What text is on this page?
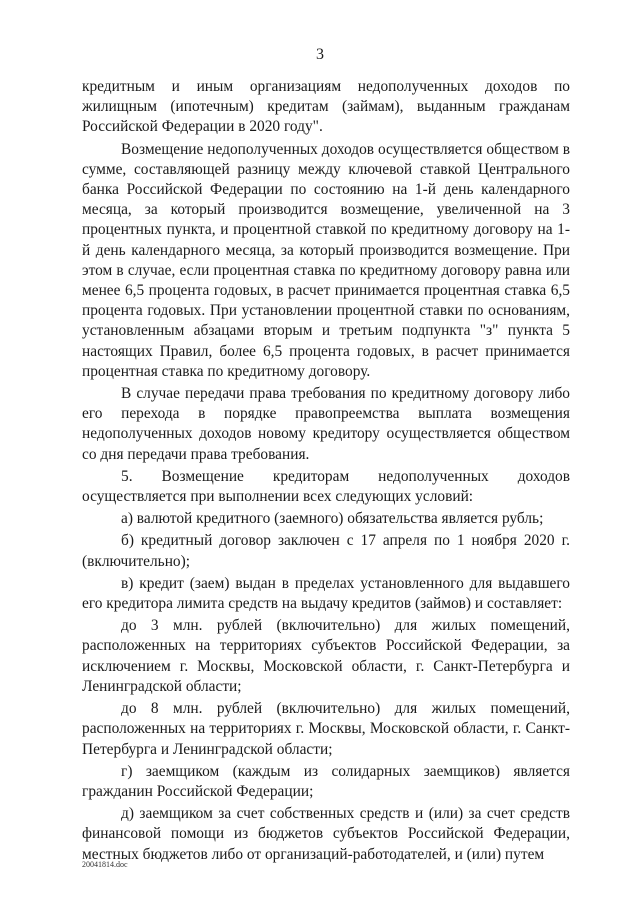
3

кредитным и иным организациям недополученных доходов по жилищным (ипотечным) кредитам (займам), выданным гражданам Российской Федерации в 2020 году".

Возмещение недополученных доходов осуществляется обществом в сумме, составляющей разницу между ключевой ставкой Центрального банка Российской Федерации по состоянию на 1-й день календарного месяца, за который производится возмещение, увеличенной на 3 процентных пункта, и процентной ставкой по кредитному договору на 1-й день календарного месяца, за который производится возмещение. При этом в случае, если процентная ставка по кредитному договору равна или менее 6,5 процента годовых, в расчет принимается процентная ставка 6,5 процента годовых. При установлении процентной ставки по основаниям, установленным абзацами вторым и третьим подпункта "з" пункта 5 настоящих Правил, более 6,5 процента годовых, в расчет принимается процентная ставка по кредитному договору.

В случае передачи права требования по кредитному договору либо его перехода в порядке правопреемства выплата возмещения недополученных доходов новому кредитору осуществляется обществом со дня передачи права требования.

5. Возмещение кредиторам недополученных доходов осуществляется при выполнении всех следующих условий:

а) валютой кредитного (заемного) обязательства является рубль;

б) кредитный договор заключен с 17 апреля по 1 ноября 2020 г. (включительно);

в) кредит (заем) выдан в пределах установленного для выдавшего его кредитора лимита средств на выдачу кредитов (займов) и составляет:

до 3 млн. рублей (включительно) для жилых помещений, расположенных на территориях субъектов Российской Федерации, за исключением г. Москвы, Московской области, г. Санкт-Петербурга и Ленинградской области;

до 8 млн. рублей (включительно) для жилых помещений, расположенных на территориях г. Москвы, Московской области, г. Санкт-Петербурга и Ленинградской области;

г) заемщиком (каждым из солидарных заемщиков) является гражданин Российской Федерации;

д) заемщиком за счет собственных средств и (или) за счет средств финансовой помощи из бюджетов субъектов Российской Федерации, местных бюджетов либо от организаций-работодателей, и (или) путем

20041814.doc
